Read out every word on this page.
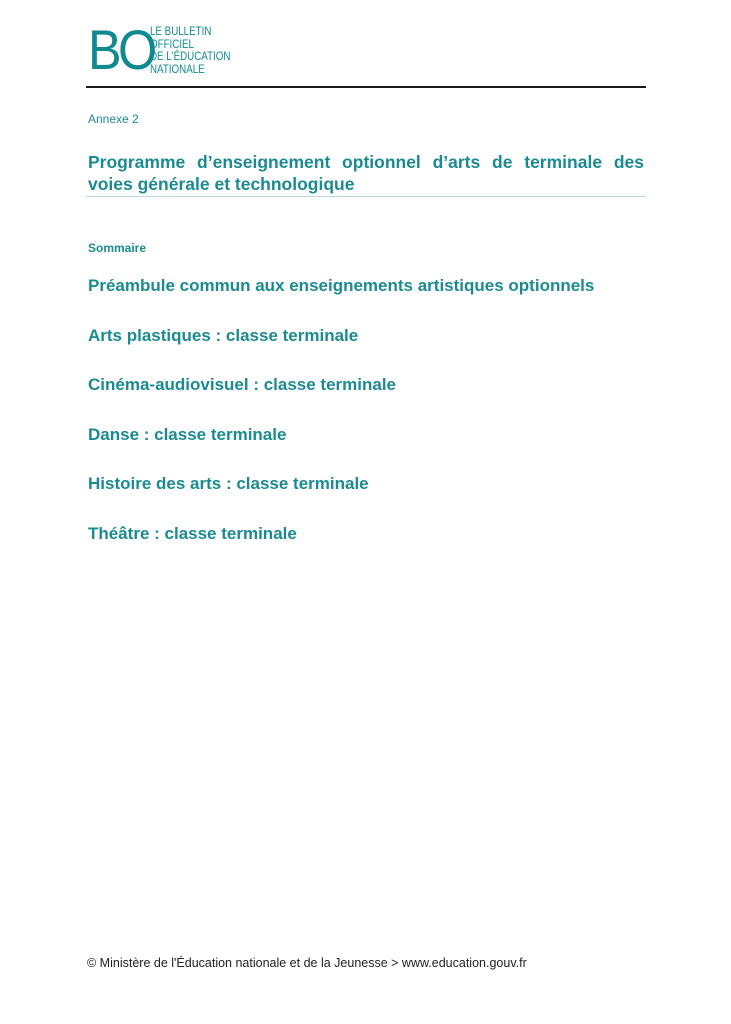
BO
LE BULLETIN
OFFICIEL
DE L'ÉDUCATION
NATIONALE
Annexe 2
Programme d’enseignement optionnel d’arts de terminale des voies générale et technologique
Sommaire
Préambule commun aux enseignements artistiques optionnels
Arts plastiques : classe terminale
Cinéma-audiovisuel : classe terminale
Danse : classe terminale
Histoire des arts : classe terminale
Théâtre : classe terminale
© Ministère de l'Éducation nationale et de la Jeunesse > www.education.gouv.fr
